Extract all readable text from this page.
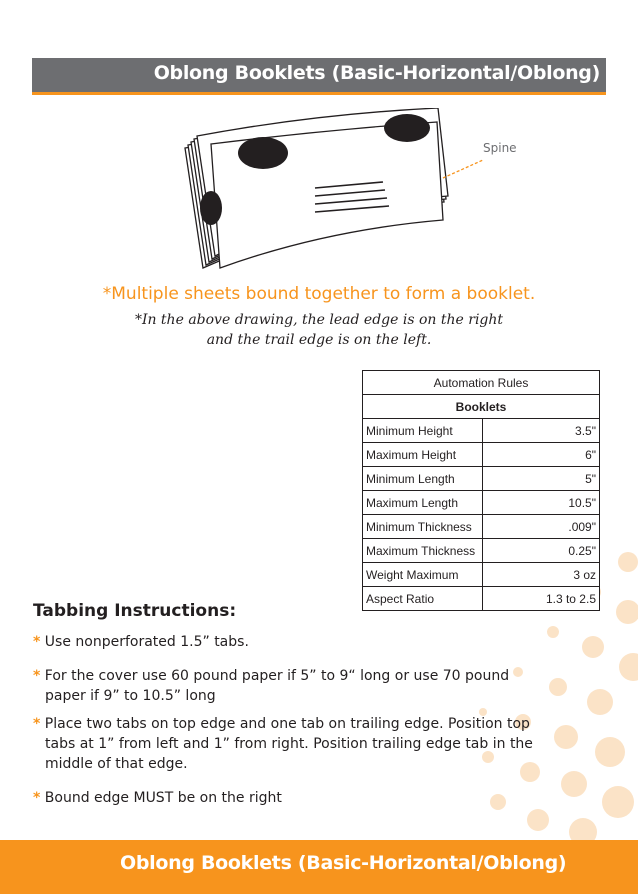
Oblong Booklets (Basic-Horizontal/Oblong)
Spine
*Multiple sheets bound together to form a booklet.
*In the above drawing, the lead edge is on the right
and the trail edge is on the left.
Automation Rules	
Booklets	
Minimum Height	3.5"
Maximum Height	6"
Minimum Length	5"
Maximum Length	10.5"
Minimum Thickness	.009"
Maximum Thickness	0.25"
Weight Maximum	3 oz
Aspect Ratio	1.3 to 2.5
Tabbing Instructions:
* Use nonperforated 1.5” tabs.
* For the cover use 60 pound paper if 5” to 9“ long or use 70 pound
paper if 9” to 10.5” long
* Place two tabs on top edge and one tab on trailing edge. Position top
tabs at 1” from left and 1” from right. Position trailing edge tab in the
middle of that edge.
* Bound edge MUST be on the right
Oblong Booklets (Basic-Horizontal/Oblong)
